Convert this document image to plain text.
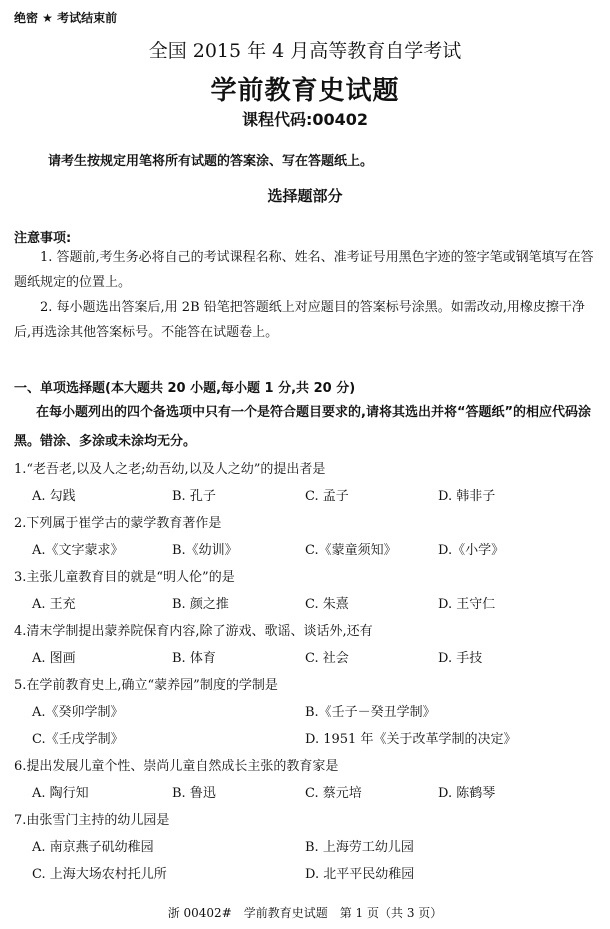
绝密 ★ 考试结束前
全国 2015 年 4 月高等教育自学考试
学前教育史试题
课程代码:00402
请考生按规定用笔将所有试题的答案涂、写在答题纸上。
选择题部分
注意事项:
1. 答题前,考生务必将自己的考试课程名称、姓名、准考证号用黑色字迹的签字笔或钢笔填写在答题纸规定的位置上。
2. 每小题选出答案后,用 2B 铅笔把答题纸上对应题目的答案标号涂黑。如需改动,用橡皮擦干净后,再选涂其他答案标号。不能答在试题卷上。
一、单项选择题(本大题共 20 小题,每小题 1 分,共 20 分)
在每小题列出的四个备选项中只有一个是符合题目要求的,请将其选出并将“答题纸”的相应代码涂黑。错涂、多涂或未涂均无分。
1.“老吾老,以及人之老;幼吾幼,以及人之幼”的提出者是
A. 勾践	B. 孔子	C. 孟子	D. 韩非子
2.下列属于崔学古的蒙学教育著作是
A.《文字蒙求》	B.《幼训》	C.《蒙童须知》	D.《小学》
3.主张儿童教育目的就是“明人伦”的是
A. 王充	B. 颜之推	C. 朱熹	D. 王守仁
4.清末学制提出蒙养院保育内容,除了游戏、歌谣、谈话外,还有
A. 图画	B. 体育	C. 社会	D. 手技
5.在学前教育史上,确立“蒙养园”制度的学制是
A.《癸卯学制》	B.《壬子－癸丑学制》
C.《壬戌学制》	D. 1951 年《关于改革学制的决定》
6.提出发展儿童个性、崇尚儿童自然成长主张的教育家是
A. 陶行知	B. 鲁迅	C. 蔡元培	D. 陈鹤琴
7.由张雪门主持的幼儿园是
A. 南京燕子矶幼稚园	B. 上海劳工幼儿园
C. 上海大场农村托儿所	D. 北平平民幼稚园
浙 00402#　学前教育史试题　第 1 页（共 3 页）
